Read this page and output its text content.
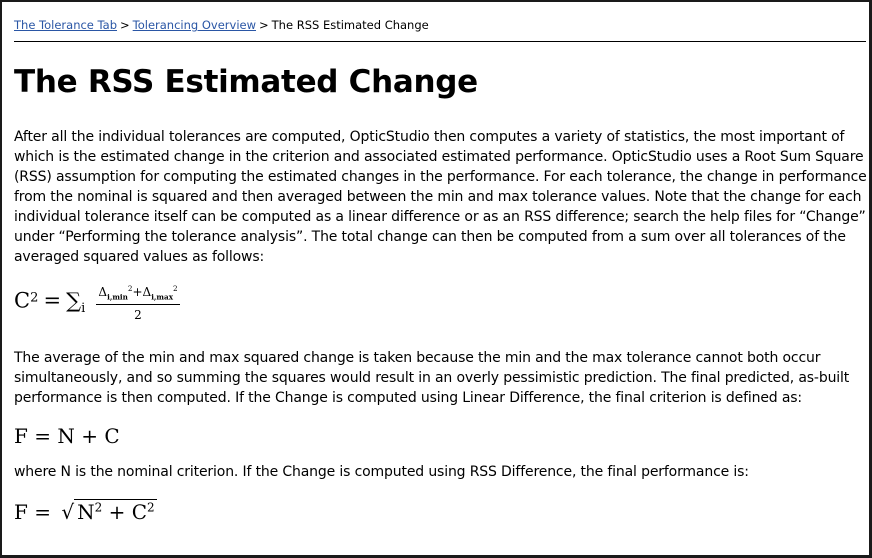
The Tolerance Tab > Tolerancing Overview > The RSS Estimated Change
The RSS Estimated Change

After all the individual tolerances are computed, OpticStudio then computes a variety of statistics, the most important of which is the estimated change in the criterion and associated estimated performance. OpticStudio uses a Root Sum Square (RSS) assumption for computing the estimated changes in the performance. For each tolerance, the change in performance from the nominal is squared and then averaged between the min and max tolerance values. Note that the change for each individual tolerance itself can be computed as a linear difference or as an RSS difference; search the help files for “Change” under “Performing the tolerance analysis”. The total change can then be computed from a sum over all tolerances of the averaged squared values as follows:

$C^2 = \sum_i \frac{\Delta_{i,min}^2+\Delta_{i,max}^2}{2}$

The average of the min and max squared change is taken because the min and the max tolerance cannot both occur simultaneously, and so summing the squares would result in an overly pessimistic prediction. The final predicted, as-built performance is then computed. If the Change is computed using Linear Difference, the final criterion is defined as:

F = N + C

where N is the nominal criterion. If the Change is computed using RSS Difference, the final performance is:

F = √ $N^2 + C^2$
